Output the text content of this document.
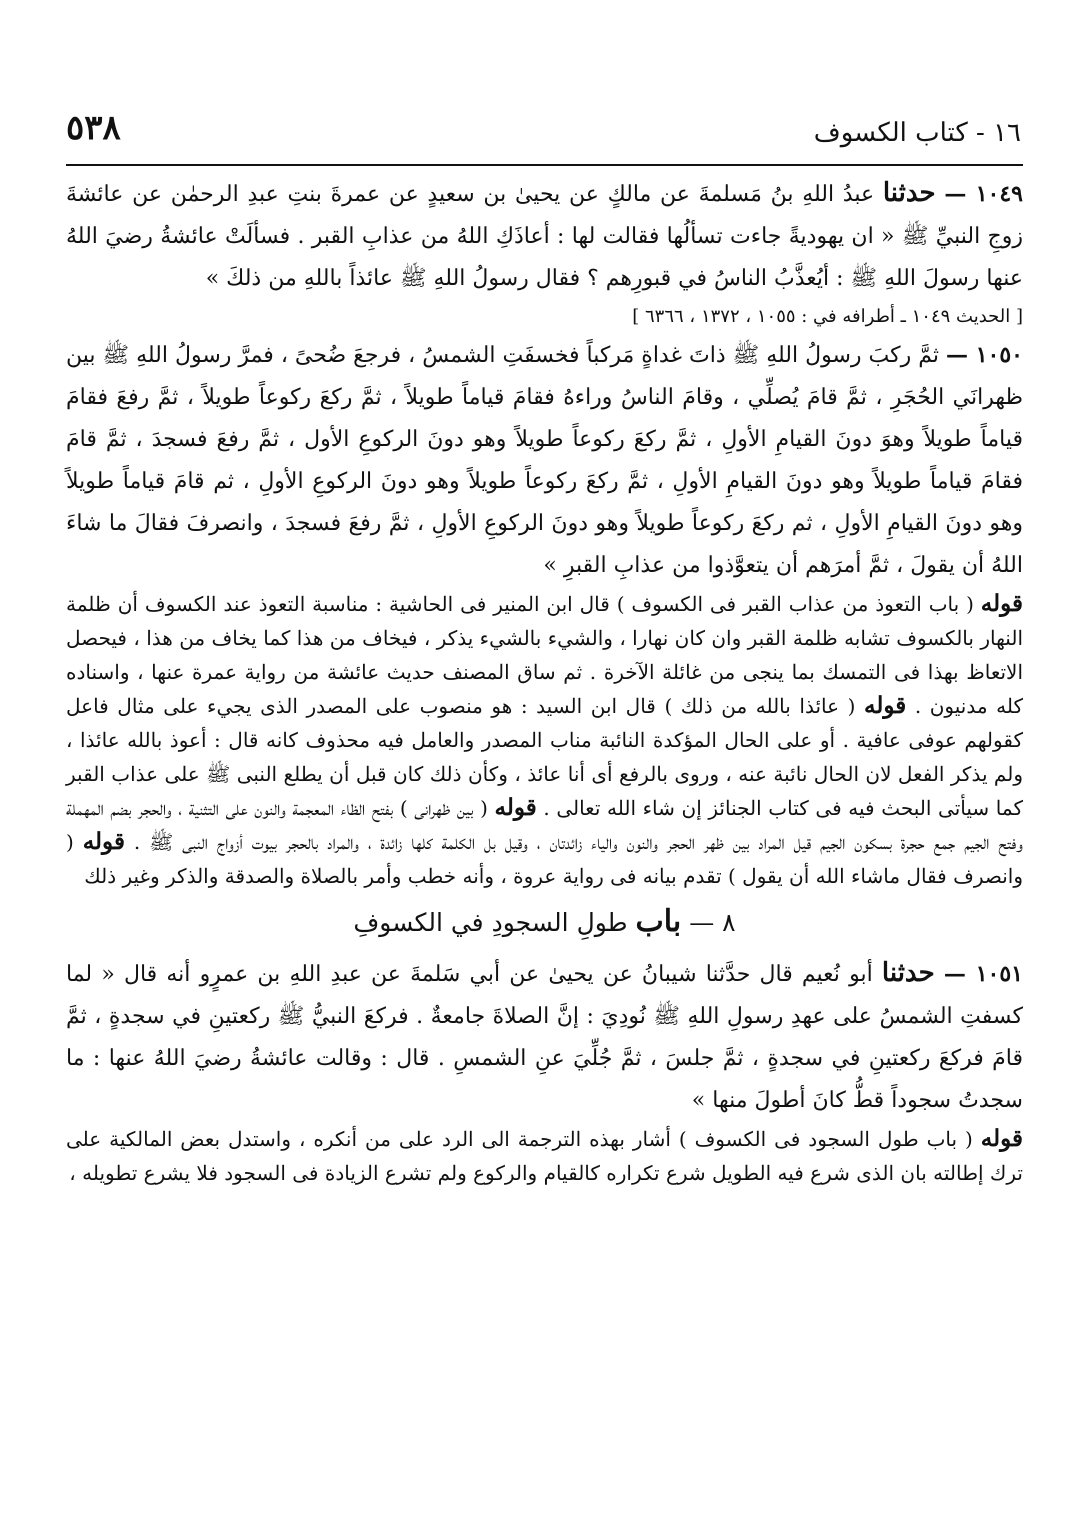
٥٣٨	١٦ - كتاب الكسوف

١٠٤٩ — حدثنا عبدُ اللهِ بنُ مَسلمةَ عن مالكٍ عن يحيىٰ بن سعيدٍ عن عمرةَ بنتِ عبدِ الرحمٰن عن عائشةَ زوجِ النبيِّ ﷺ « ان يهوديةً جاءت تسألُها فقالت لها : أعاذَكِ اللهُ من عذابِ القبر . فسألَتْ عائشةُ رضيَ اللهُ عنها رسولَ اللهِ ﷺ : أيُعذَّبُ الناسُ في قبورِهم ؟ فقال رسولُ اللهِ ﷺ عائذاً باللهِ من ذلكَ »

[ الحديث ١٠٤٩ ـ أطرافه في : ١٠٥٥ ، ١٣٧٢ ، ٦٣٦٦ ]

١٠٥٠ — ثمَّ ركبَ رسولُ اللهِ ﷺ ذاتَ غداةٍ مَركباً فخسفَتِ الشمسُ ، فرجعَ ضُحىً ، فمرَّ رسولُ اللهِ ﷺ بين ظهرانَي الحُجَرِ ، ثمَّ قامَ يُصلِّي ، وقامَ الناسُ وراءهُ فقامَ قياماً طويلاً ، ثمَّ ركعَ ركوعاً طويلاً ، ثمَّ رفعَ فقامَ قياماً طويلاً وهوَ دونَ القيامِ الأولِ ، ثمَّ ركعَ ركوعاً طويلاً وهو دونَ الركوعِ الأول ، ثمَّ رفعَ فسجدَ ، ثمَّ قامَ فقامَ قياماً طويلاً وهو دونَ القيامِ الأولِ ، ثمَّ ركعَ ركوعاً طويلاً وهو دونَ الركوعِ الأولِ ، ثم قامَ قياماً طويلاً وهو دونَ القيامِ الأولِ ، ثم ركعَ ركوعاً طويلاً وهو دونَ الركوعِ الأولِ ، ثمَّ رفعَ فسجدَ ، وانصرفَ فقالَ ما شاءَ اللهُ أن يقولَ ، ثمَّ أمرَهم أن يتعوَّذوا من عذابِ القبرِ »

قوله ( باب التعوذ من عذاب القبر فى الكسوف ) قال ابن المنير فى الحاشية : مناسبة التعوذ عند الكسوف أن ظلمة النهار بالكسوف تشابه ظلمة القبر وان كان نهارا ، والشيء بالشيء يذكر ، فيخاف من هذا كما يخاف من هذا ، فيحصل الاتعاظ بهذا فى التمسك بما ينجى من غائلة الآخرة . ثم ساق المصنف حديث عائشة من رواية عمرة عنها ، واسناده كله مدنيون . قوله ( عائذا بالله من ذلك ) قال ابن السيد : هو منصوب على المصدر الذى يجيء على مثال فاعل كقولهم عوفى عافية . أو على الحال المؤكدة النائبة مناب المصدر والعامل فيه محذوف كانه قال : أعوذ بالله عائذا ، ولم يذكر الفعل لان الحال نائبة عنه ، وروى بالرفع أى أنا عائذ ، وكأن ذلك كان قبل أن يطلع النبى ﷺ على عذاب القبر كما سيأتى البحث فيه فى كتاب الجنائز إن شاء الله تعالى . قوله ( بين ظهرانى ) بفتح الظاء المعجمة والنون على التثنية ، والحجر بضم المهملة وفتح الجيم جمع حجرة بسكون الجيم قيل المراد بين ظهر الحجر والنون والياء زائدتان ، وقيل بل الكلمة كلها زائدة ، والمراد بالحجر بيوت أزواج النبى ﷺ . قوله ( وانصرف فقال ماشاء الله أن يقول ) تقدم بيانه فى رواية عروة ، وأنه خطب وأمر بالصلاة والصدقة والذكر وغير ذلك

٨ — باب طولِ السجودِ في الكسوفِ

١٠٥١ — حدثنا أبو نُعيم قال حدَّثنا شيبانُ عن يحيىٰ عن أبي سَلمةَ عن عبدِ اللهِ بن عمرٍو أنه قال « لما كسفتِ الشمسُ على عهدِ رسولِ اللهِ ﷺ نُودِيَ : إنَّ الصلاةَ جامعةٌ . فركعَ النبيُّ ﷺ ركعتينِ في سجدةٍ ، ثمَّ قامَ فركعَ ركعتينِ في سجدةٍ ، ثمَّ جلسَ ، ثمَّ جُلِّيَ عنِ الشمسِ . قال : وقالت عائشةُ رضيَ اللهُ عنها : ما سجدتُ سجوداً قطُّ كانَ أطولَ منها »

قوله ( باب طول السجود فى الكسوف ) أشار بهذه الترجمة الى الرد على من أنكره ، واستدل بعض المالكية على ترك إطالته بان الذى شرع فيه الطويل شرع تكراره كالقيام والركوع ولم تشرع الزيادة فى السجود فلا يشرع تطويله ،
